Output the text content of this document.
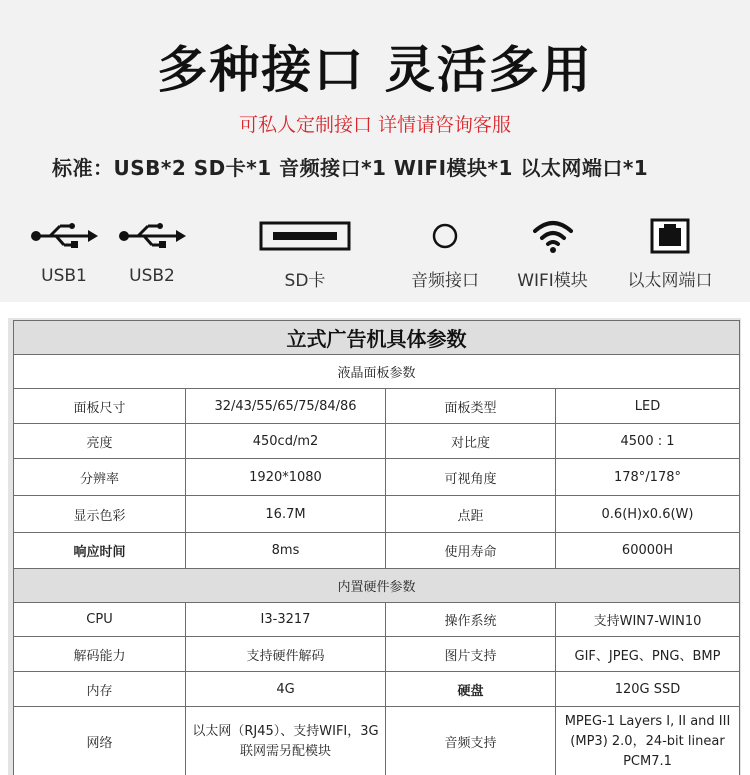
多种接口 灵活多用
可私人定制接口 详情请咨询客服
标准：USB*2 SD卡*1 音频接口*1 WIFI模块*1 以太网端口*1
USB1	USB2	SD卡	音频接口	WIFI模块	以太网端口
立式广告机具体参数			
液晶面板参数			
面板尺寸	32/43/55/65/75/84/86	面板类型	LED
亮度	450cd/m2	对比度	4500 : 1
分辨率	1920*1080	可视角度	178°/178°
显示色彩	16.7M	点距	0.6(H)x0.6(W)
响应时间	8ms	使用寿命	60000H
内置硬件参数			
CPU	I3-3217	操作系统	支持WIN7-WIN10
解码能力	支持硬件解码	图片支持	GIF、JPEG、PNG、BMP
内存	4G	硬盘	120G SSD
网络	以太网（RJ45）、支持WIFI，3G联网需另配模块	音频支持	MPEG-1 Layers I, II and III (MP3) 2.0，24-bit linear PCM7.1
